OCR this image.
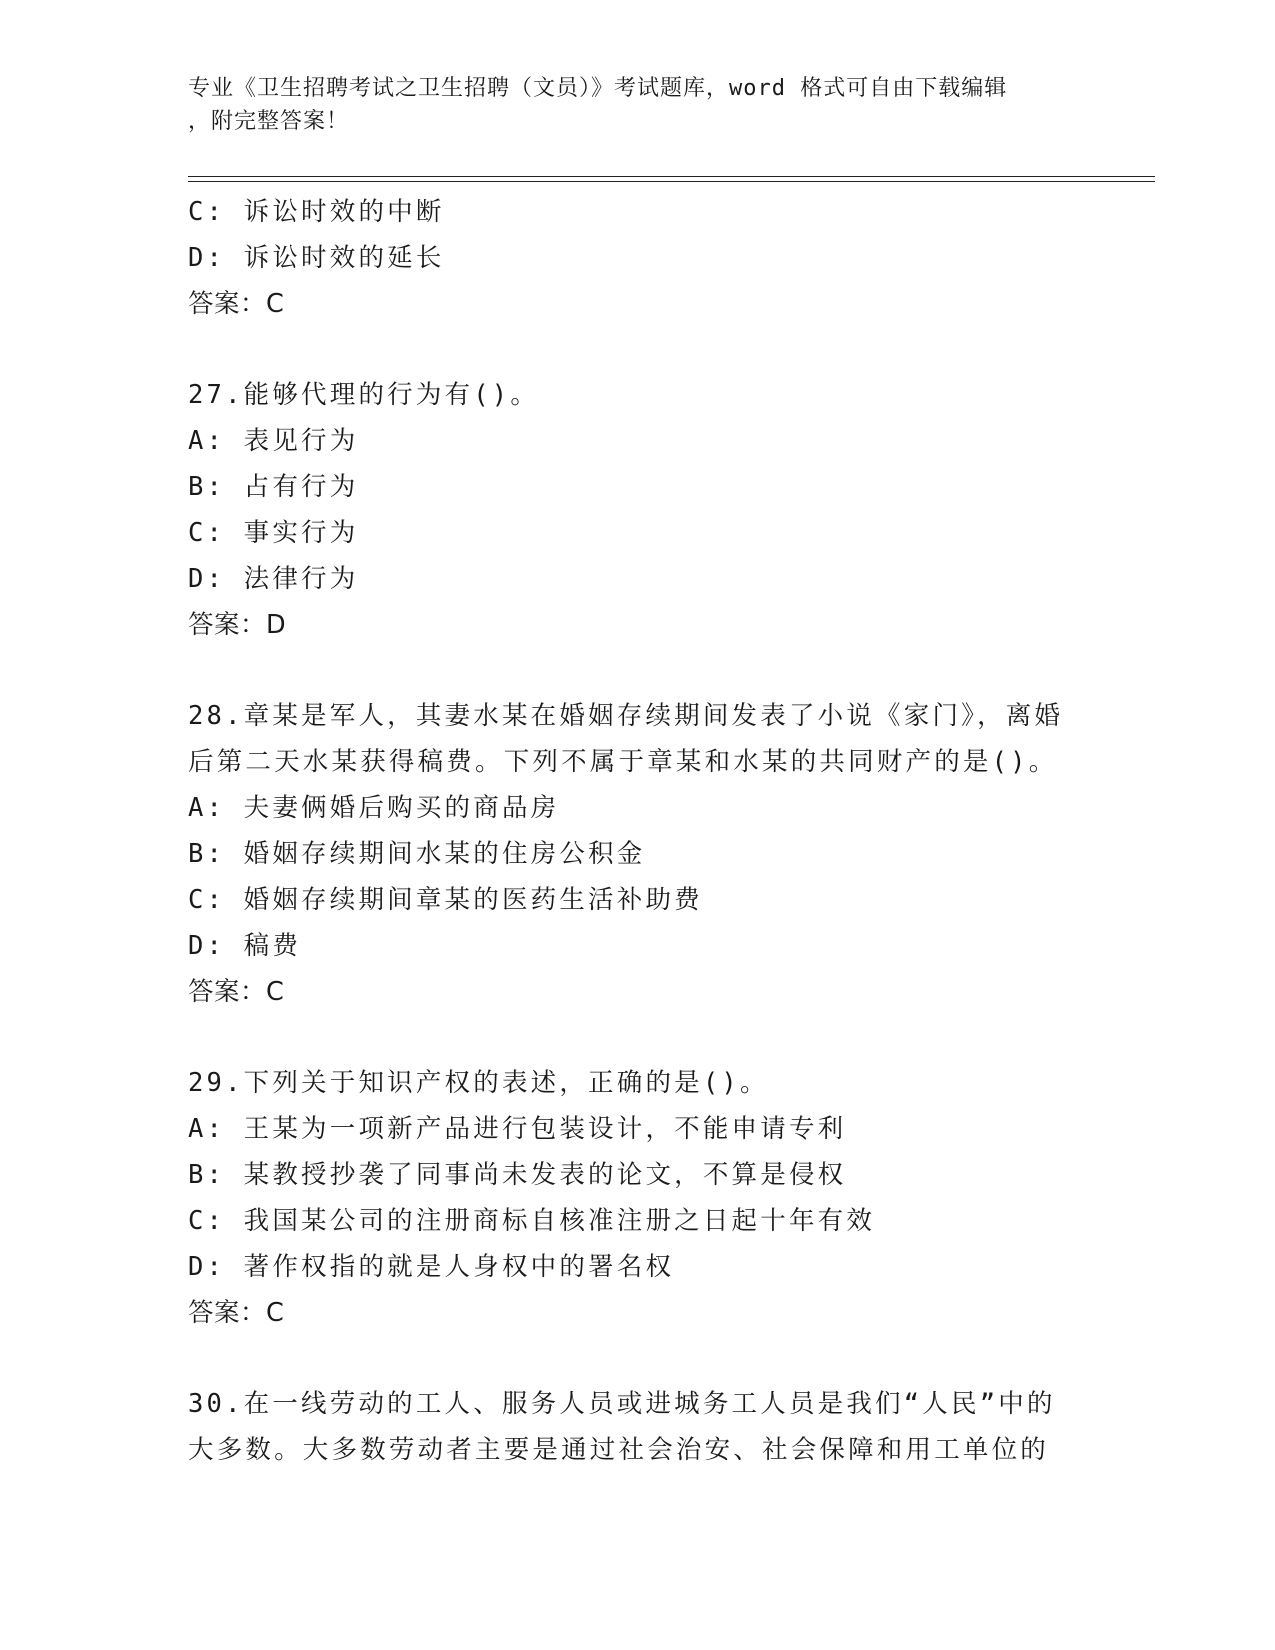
专业《卫生招聘考试之卫生招聘（文员）》考试题库，word 格式可自由下载编辑
，附完整答案！
C: 诉讼时效的中断
D: 诉讼时效的延长
答案：C
27.能够代理的行为有()。
A: 表见行为
B: 占有行为
C: 事实行为
D: 法律行为
答案：D
28.章某是军人，其妻水某在婚姻存续期间发表了小说《家门》，离婚
后第二天水某获得稿费。下列不属于章某和水某的共同财产的是()。
A: 夫妻俩婚后购买的商品房
B: 婚姻存续期间水某的住房公积金
C: 婚姻存续期间章某的医药生活补助费
D: 稿费
答案：C
29.下列关于知识产权的表述，正确的是()。
A: 王某为一项新产品进行包装设计，不能申请专利
B: 某教授抄袭了同事尚未发表的论文，不算是侵权
C: 我国某公司的注册商标自核准注册之日起十年有效
D: 著作权指的就是人身权中的署名权
答案：C
30.在一线劳动的工人、服务人员或进城务工人员是我们“人民”中的
大多数。大多数劳动者主要是通过社会治安、社会保障和用工单位的
